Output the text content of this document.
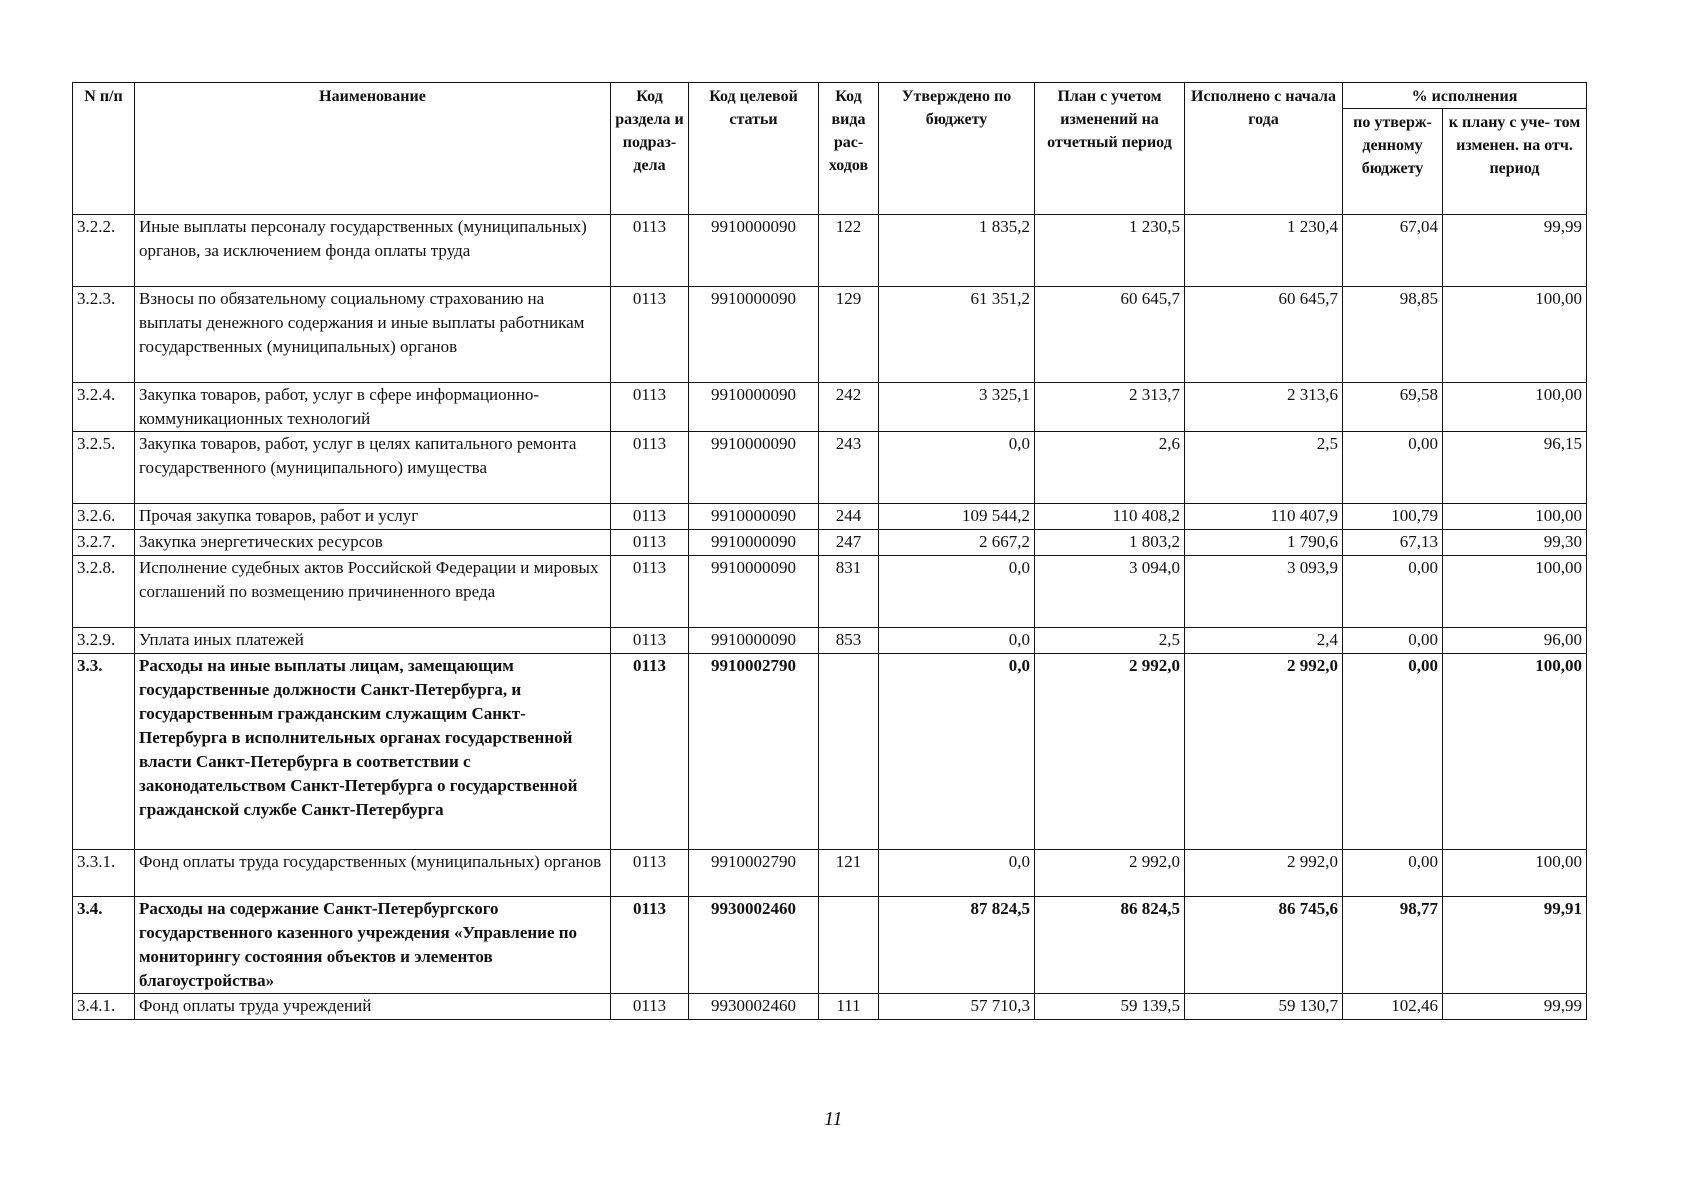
N п/п	Наименование	Код раздела и подраз- дела	Код целевой статьи	Код вида рас- ходов	Утверждено по бюджету	План с учетом изменений на отчетный период	Исполнено с начала года	% исполнения	
								по утверж- денному бюджету	к плану с уче- том изменен. на отч. период
3.2.2.	Иные выплаты персоналу государственных (муниципальных) органов, за исключением фонда оплаты труда	0113	9910000090	122	1 835,2	1 230,5	1 230,4	67,04	99,99
3.2.3.	Взносы по обязательному социальному страхованию на выплаты денежного содержания и иные выплаты работникам государственных (муниципальных) органов	0113	9910000090	129	61 351,2	60 645,7	60 645,7	98,85	100,00
3.2.4.	Закупка товаров, работ, услуг в сфере информационно-коммуникационных технологий	0113	9910000090	242	3 325,1	2 313,7	2 313,6	69,58	100,00
3.2.5.	Закупка товаров, работ, услуг в целях капитального ремонта государственного (муниципального) имущества	0113	9910000090	243	0,0	2,6	2,5	0,00	96,15
3.2.6.	Прочая закупка товаров, работ и услуг	0113	9910000090	244	109 544,2	110 408,2	110 407,9	100,79	100,00
3.2.7.	Закупка энергетических ресурсов	0113	9910000090	247	2 667,2	1 803,2	1 790,6	67,13	99,30
3.2.8.	Исполнение судебных актов Российской Федерации и мировых соглашений по возмещению причиненного вреда	0113	9910000090	831	0,0	3 094,0	3 093,9	0,00	100,00
3.2.9.	Уплата иных платежей	0113	9910000090	853	0,0	2,5	2,4	0,00	96,00
3.3.	Расходы на иные выплаты лицам, замещающим государственные должности Санкт-Петербурга, и государственным гражданским служащим Санкт-Петербурга в исполнительных органах государственной власти Санкт-Петербурга в соответствии с законодательством Санкт-Петербурга о государственной гражданской службе Санкт-Петербурга	0113	9910002790		0,0	2 992,0	2 992,0	0,00	100,00
3.3.1.	Фонд оплаты труда государственных (муниципальных) органов	0113	9910002790	121	0,0	2 992,0	2 992,0	0,00	100,00
3.4.	Расходы на содержание Санкт-Петербургского государственного казенного учреждения «Управление по мониторингу состояния объектов и элементов благоустройства»	0113	9930002460		87 824,5	86 824,5	86 745,6	98,77	99,91
3.4.1.	Фонд оплаты труда учреждений	0113	9930002460	111	57 710,3	59 139,5	59 130,7	102,46	99,99
11
